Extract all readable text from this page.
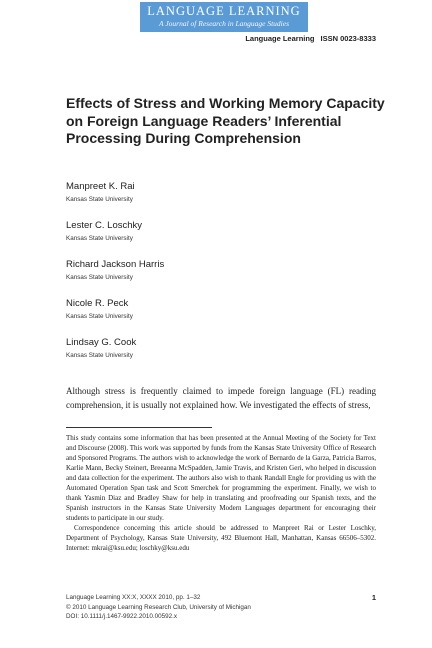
LANGUAGE LEARNING
A Journal of Research in Language Studies
Language Learning ISSN 0023-8333
Effects of Stress and Working Memory Capacity on Foreign Language Readers’ Inferential Processing During Comprehension
Manpreet K. Rai
Kansas State University
Lester C. Loschky
Kansas State University
Richard Jackson Harris
Kansas State University
Nicole R. Peck
Kansas State University
Lindsay G. Cook
Kansas State University
Although stress is frequently claimed to impede foreign language (FL) reading comprehension, it is usually not explained how. We investigated the effects of stress,

This study contains some information that has been presented at the Annual Meeting of the Society for Text and Discourse (2008). This work was supported by funds from the Kansas State University Office of Research and Sponsored Programs. The authors wish to acknowledge the work of Bernardo de la Garza, Patricia Barros, Karlie Mann, Becky Steinert, Breeanna McSpadden, Jamie Travis, and Kristen Geri, who helped in discussion and data collection for the experiment. The authors also wish to thank Randall Engle for providing us with the Automated Operation Span task and Scott Smerchek for programming the experiment. Finally, we wish to thank Yasmin Diaz and Bradley Shaw for help in translating and proofreading our Spanish texts, and the Spanish instructors in the Kansas State University Modern Languages department for encouraging their students to participate in our study.

Correspondence concerning this article should be addressed to Manpreet Rai or Lester Loschky, Department of Psychology, Kansas State University, 492 Bluemont Hall, Manhattan, Kansas 66506–5302. Internet: mkrai@ksu.edu; loschky@ksu.edu

Language Learning XX:X, XXXX 2010, pp. 1–32
© 2010 Language Learning Research Club, University of Michigan
DOI: 10.1111/j.1467-9922.2010.00592.x
1
